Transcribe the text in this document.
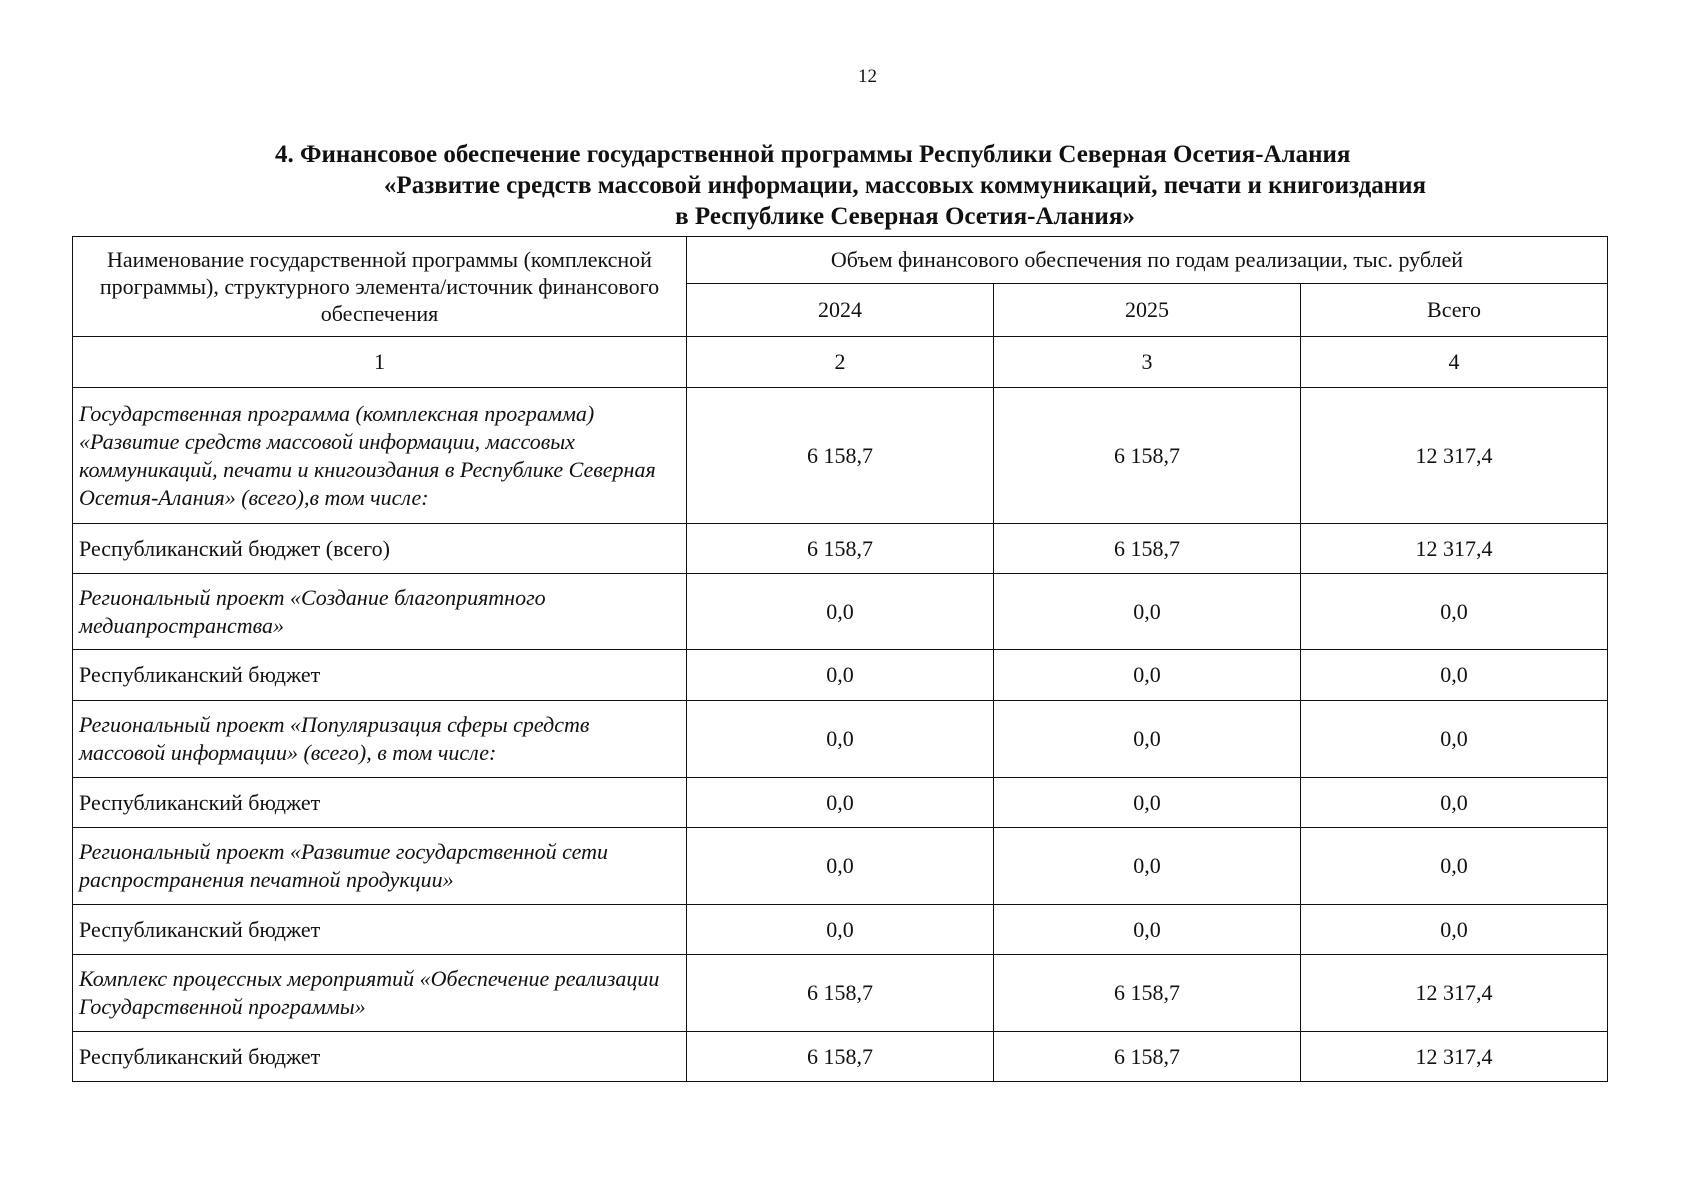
12
4. Финансовое обеспечение государственной программы Республики Северная Осетия-Алания
«Развитие средств массовой информации, массовых коммуникаций, печати и книгоиздания
в Республике Северная Осетия-Алания»
Наименование государственной программы (комплексной программы), структурного элемента/источник финансового обеспечения	Объем финансового обеспечения по годам реализации, тыс. рублей		
	2024	2025	Всего
1	2	3	4
Государственная программа (комплексная программа) «Развитие средств массовой информации, массовых коммуникаций, печати и книгоиздания в Республике Северная Осетия-Алания» (всего),в том числе:	6 158,7	6 158,7	12 317,4
Республиканский бюджет (всего)	6 158,7	6 158,7	12 317,4
Региональный проект «Создание благоприятного медиапространства»	0,0	0,0	0,0
Республиканский бюджет	0,0	0,0	0,0
Региональный проект «Популяризация сферы средств массовой информации» (всего), в том числе:	0,0	0,0	0,0
Республиканский бюджет	0,0	0,0	0,0
Региональный проект «Развитие государственной сети распространения печатной продукции»	0,0	0,0	0,0
Республиканский бюджет	0,0	0,0	0,0
Комплекс процессных мероприятий «Обеспечение реализации Государственной программы»	6 158,7	6 158,7	12 317,4
Республиканский бюджет	6 158,7	6 158,7	12 317,4
